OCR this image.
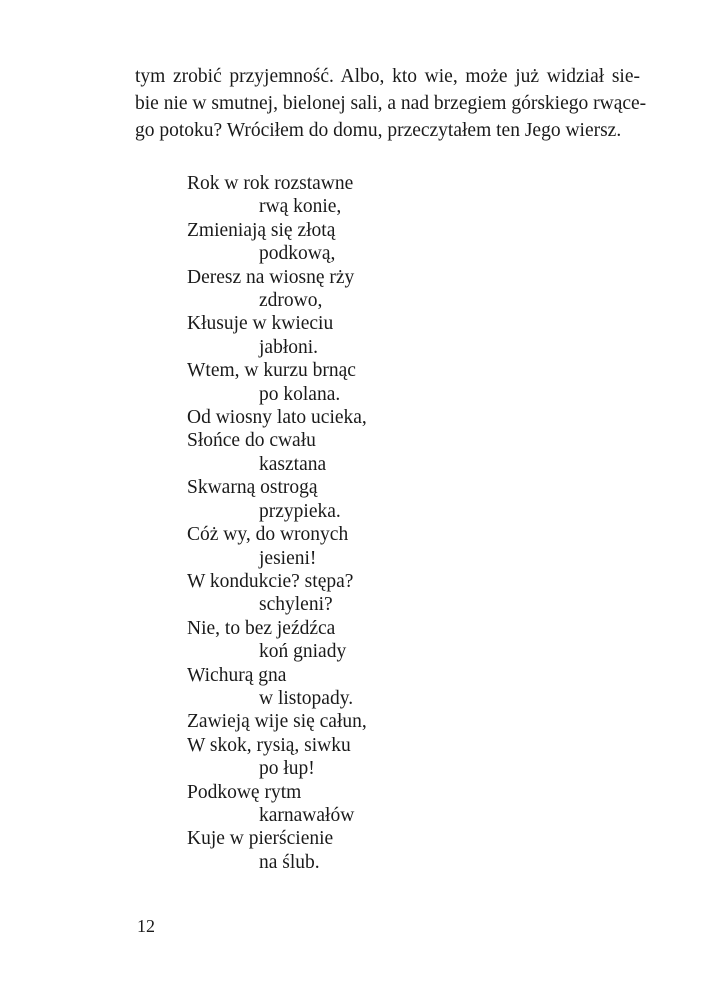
tym zrobić przyjemność. Albo, kto wie, może już widział sie-
bie nie w smutnej, bielonej sali, a nad brzegiem górskiego rwące-
go potoku? Wróciłem do domu, przeczytałem ten Jego wiersz.
Rok w rok rozstawne
rwą konie,
Zmieniają się złotą
podkową,
Deresz na wiosnę rży
zdrowo,
Kłusuje w kwieciu
jabłoni.
Wtem, w kurzu brnąc
po kolana.
Od wiosny lato ucieka,
Słońce do cwału
kasztana
Skwarną ostrogą
przypieka.
Cóż wy, do wronych
jesieni!
W kondukcie? stępa?
schyleni?
Nie, to bez jeźdźca
koń gniady
Wichurą gna
w listopady.
Zawieją wije się całun,
W skok, rysią, siwku
po łup!
Podkowę rytm
karnawałów
Kuje w pierścienie
na ślub.
12
